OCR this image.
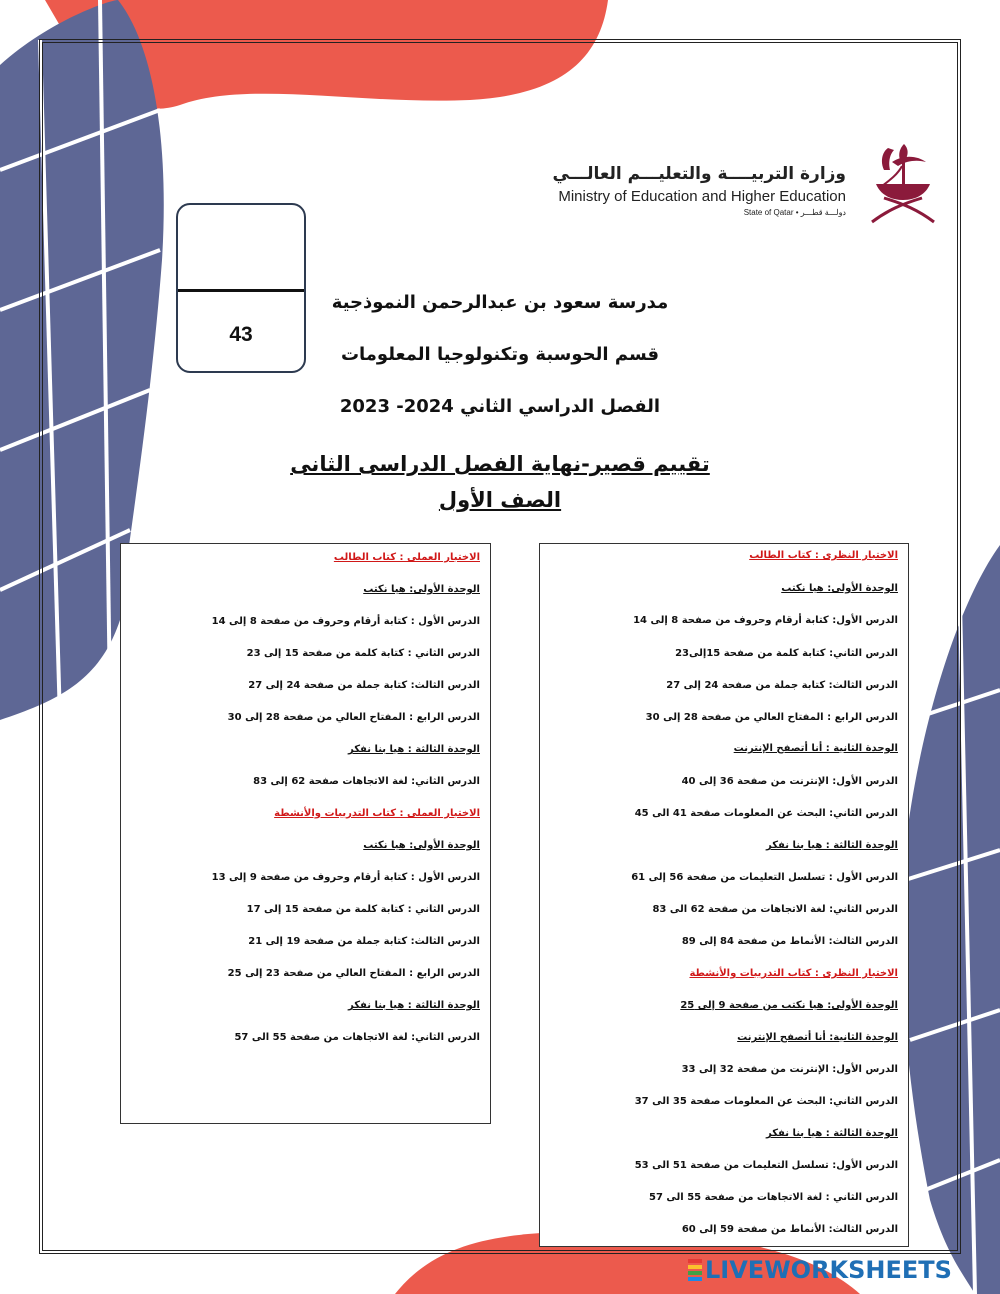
وزارة التربيــــة والتعليـــم العالـــي
Ministry of Education and Higher Education
State of Qatar • دولـــة قطـــر
43
مدرسة سعود بن عبدالرحمن النموذجية
قسم الحوسبة وتكنولوجيا المعلومات
الفصل الدراسي الثاني 2024- 2023
تقييم قصير-نهاية الفصل الدراسى الثانى
الصف الأول
الاختبار النظرى : كتاب الطالب
الوحدة الأولى: هيا نكتب
الدرس الأول: كتابة أرقام وحروف من صفحة 8 إلى 14
الدرس الثاني: كتابة كلمة من صفحة 15إلى23
الدرس الثالث: كتابة جملة من صفحة 24 إلى 27
الدرس الرابع : المفتاح العالي من صفحة 28 إلى 30
الوحدة الثانية : أنا أتصفح الإنترنت
الدرس الأول: الإنترنت من صفحة 36 إلى 40
الدرس الثاني: البحث عن المعلومات صفحة 41 الى 45
الوحدة الثالثة : هيا بنا نفكر
الدرس الأول : تسلسل التعليمات من صفحة 56 إلى 61
الدرس الثاني: لغة الاتجاهات من صفحة 62 الى 83
الدرس الثالث: الأنماط من صفحة 84 إلى 89
الاختبار النظرى : كتاب التدريبات والأنشطة
الوحدة الأولى: هيا نكتب من صفحة 9 إلى 25
الوحدة الثانية: أنا أتصفح الإنترنت
الدرس الأول: الإنترنت من صفحة 32 إلى 33
الدرس الثاني: البحث عن المعلومات صفحة 35 الى 37
الوحدة الثالثة : هيا بنا نفكر
الدرس الأول: تسلسل التعليمات من صفحة 51 الى 53
الدرس الثاني : لغة الاتجاهات من صفحة 55 الى 57
الدرس الثالث: الأنماط من صفحة 59 إلى 60
الاختبار العملى : كتاب الطالب
الوحدة الأولى: هيا نكتب
الدرس الأول : كتابة أرقام وحروف من صفحة 8 إلى 14
الدرس الثاني : كتابة كلمة من صفحة 15 إلى 23
الدرس الثالث: كتابة جملة من صفحة 24 إلى 27
الدرس الرابع : المفتاح العالي من صفحة 28 إلى 30
الوحدة الثالثة : هيا بنا نفكر
الدرس الثاني: لغة الاتجاهات صفحة 62 إلى 83
الاختبار العملى : كتاب التدريبات والأنشطة
الوحدة الأولى: هيا نكتب
الدرس الأول : كتابة أرقام وحروف من صفحة 9 إلى 13
الدرس الثاني : كتابة كلمة من صفحة 15 إلى 17
الدرس الثالث: كتابة جملة من صفحة 19 إلى 21
الدرس الرابع : المفتاح العالي من صفحة 23 إلى 25
الوحدة الثالثة : هيا بنا نفكر
الدرس الثاني: لغة الاتجاهات من صفحة 55 الى 57
LIVEWORKSHEETS
